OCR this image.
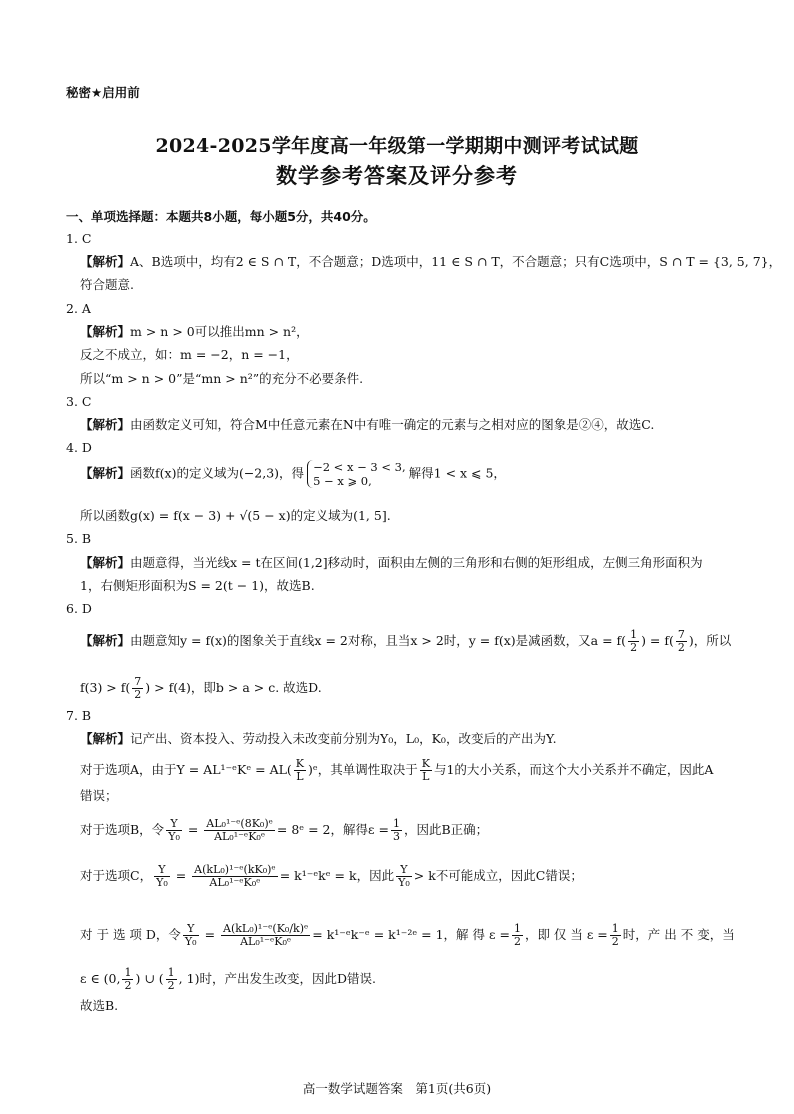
秘密★启用前
2024-2025学年度高一年级第一学期期中测评考试试题
数学参考答案及评分参考
一、单项选择题：本题共8小题，每小题5分，共40分。
1. C
【解析】A、B选项中，均有2 ∈ S ∩ T，不合题意；D选项中，11 ∈ S ∩ T，不合题意；只有C选项中，S ∩ T = {3, 5, 7}，
符合题意.
2. A
【解析】m > n > 0可以推出mn > n²，
反之不成立，如：m = −2，n = −1，
所以“m > n > 0”是“mn > n²”的充分不必要条件.
3. C
【解析】由函数定义可知，符合M中任意元素在N中有唯一确定的元素与之相对应的图象是②④，故选C.
4. D
【解析】函数f(x)的定义域为(−2,3)，得 −2 < x − 3 < 3,
5 − x ⩾ 0,
解得1 < x ⩽ 5，
所以函数g(x) = f(x − 3) + √(5 − x)的定义域为(1, 5].
5. B
【解析】由题意得，当光线x = t在区间(1,2]移动时，面积由左侧的三角形和右侧的矩形组成，左侧三角形面积为
1，右侧矩形面积为S = 2(t − 1)，故选B.
6. D
【解析】由题意知y = f(x)的图象关于直线x = 2对称，且当x > 2时，y = f(x)是减函数，又$a = f( \frac{1}{2}$ ) = $f( \frac{7}{2}$ )，所以
$f(3) > f( \frac{7}{2}$ ) > f(4)，即b > a > c. 故选D.
7. B
【解析】记产出、资本投入、劳动投入未改变前分别为Y₀，L₀，K₀，改变后的产出为Y.
对于选项A，由于Y = AL¹⁻ᵉKᵉ = $AL( \frac{K}{L}$ )ᵉ，其单调性取决于 $\frac{K}{L}$ 与1的大小关系，而这个大小关系并不确定，因此A
错误；
对于选项B，令 $\frac{Y}{\text{Y₀}} = \frac{\text{AL₀¹⁻ᵉ(8K₀)ᵉ}}{\text{AL₀¹⁻ᵉK₀ᵉ}}$ = 8ᵉ = 2，解得$\varepsilon = \frac{1}{3}$ ，因此B正确；
对于选项C， $\frac{Y}{\text{Y₀}} = \frac{\text{A(kL₀)¹⁻ᵉ(kK₀)ᵉ}}{\text{AL₀¹⁻ᵉK₀ᵉ}}$ = k¹⁻ᵉkᵉ = k，因此 $\frac{Y}{\text{Y₀}} > k$不可能成立，因此C错误；
对 于 选 项 D，令 $\frac{Y}{\text{Y₀}} = \frac{\text{A(kL₀)¹⁻ᵉ(K₀/k)ᵉ}}{\text{AL₀¹⁻ᵉK₀ᵉ}}$ = k¹⁻ᵉk⁻ᵉ = k¹⁻²ᵉ = 1，解 得 $\varepsilon = \frac{1}{2}$ ，即 仅 当 $\varepsilon = \frac{1}{2}$ 时，产 出 不 变，当
ε ∈ (0, $\frac{1}{2}$ ) ∪ ( $\frac{1}{2}$ , 1)时，产出发生改变，因此D错误.
故选B.
高一数学试题答案　第1页(共6页)
